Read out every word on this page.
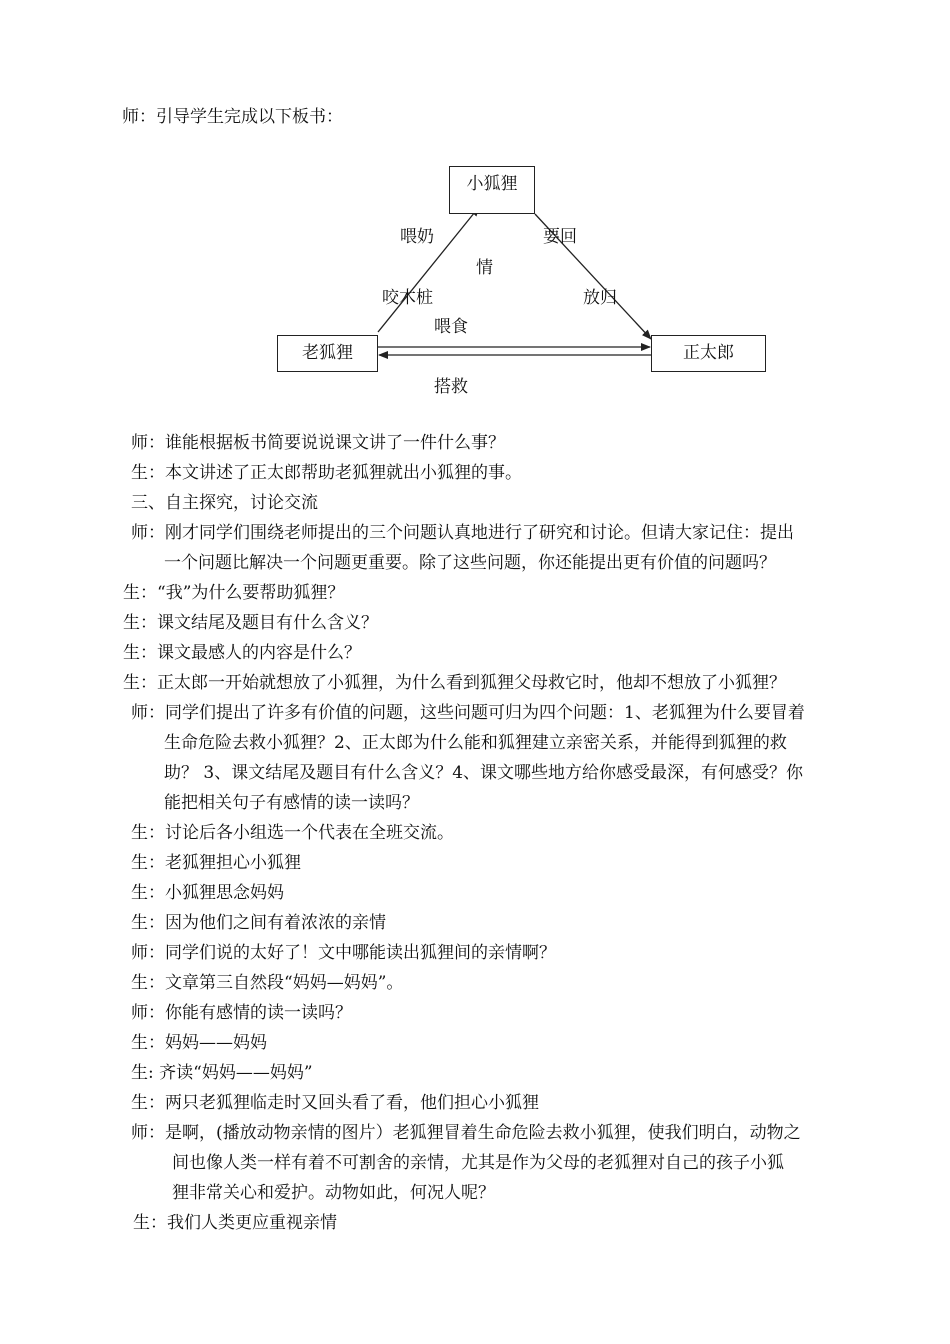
师：引导学生完成以下板书：
小狐狸
老狐狸	正太郎
喂奶	要回
情
咬木桩	放归
喂食
搭救
师：谁能根据板书简要说说课文讲了一件什么事？
生：本文讲述了正太郎帮助老狐狸就出小狐狸的事。
三、自主探究，讨论交流
师：刚才同学们围绕老师提出的三个问题认真地进行了研究和讨论。但请大家记住：提出
一个问题比解决一个问题更重要。除了这些问题，你还能提出更有价值的问题吗？
生：“我”为什么要帮助狐狸？
生：课文结尾及题目有什么含义？
生：课文最感人的内容是什么？
生：正太郎一开始就想放了小狐狸，为什么看到狐狸父母救它时，他却不想放了小狐狸？
师：同学们提出了许多有价值的问题，这些问题可归为四个问题：1、老狐狸为什么要冒着
生命危险去救小狐狸？2、正太郎为什么能和狐狸建立亲密关系，并能得到狐狸的救
助？ 3、课文结尾及题目有什么含义？4、课文哪些地方给你感受最深，有何感受？你
能把相关句子有感情的读一读吗？
生：讨论后各小组选一个代表在全班交流。
生：老狐狸担心小狐狸
生：小狐狸思念妈妈
生：因为他们之间有着浓浓的亲情
师：同学们说的太好了！文中哪能读出狐狸间的亲情啊？
生：文章第三自然段“妈妈—妈妈”。
师：你能有感情的读一读吗？
生：妈妈——妈妈
生: 齐读“妈妈——妈妈”
生：两只老狐狸临走时又回头看了看，他们担心小狐狸
师：是啊，(播放动物亲情的图片）老狐狸冒着生命危险去救小狐狸，使我们明白，动物之
间也像人类一样有着不可割舍的亲情，尤其是作为父母的老狐狸对自己的孩子小狐
狸非常关心和爱护。动物如此，何况人呢？
生：我们人类更应重视亲情
